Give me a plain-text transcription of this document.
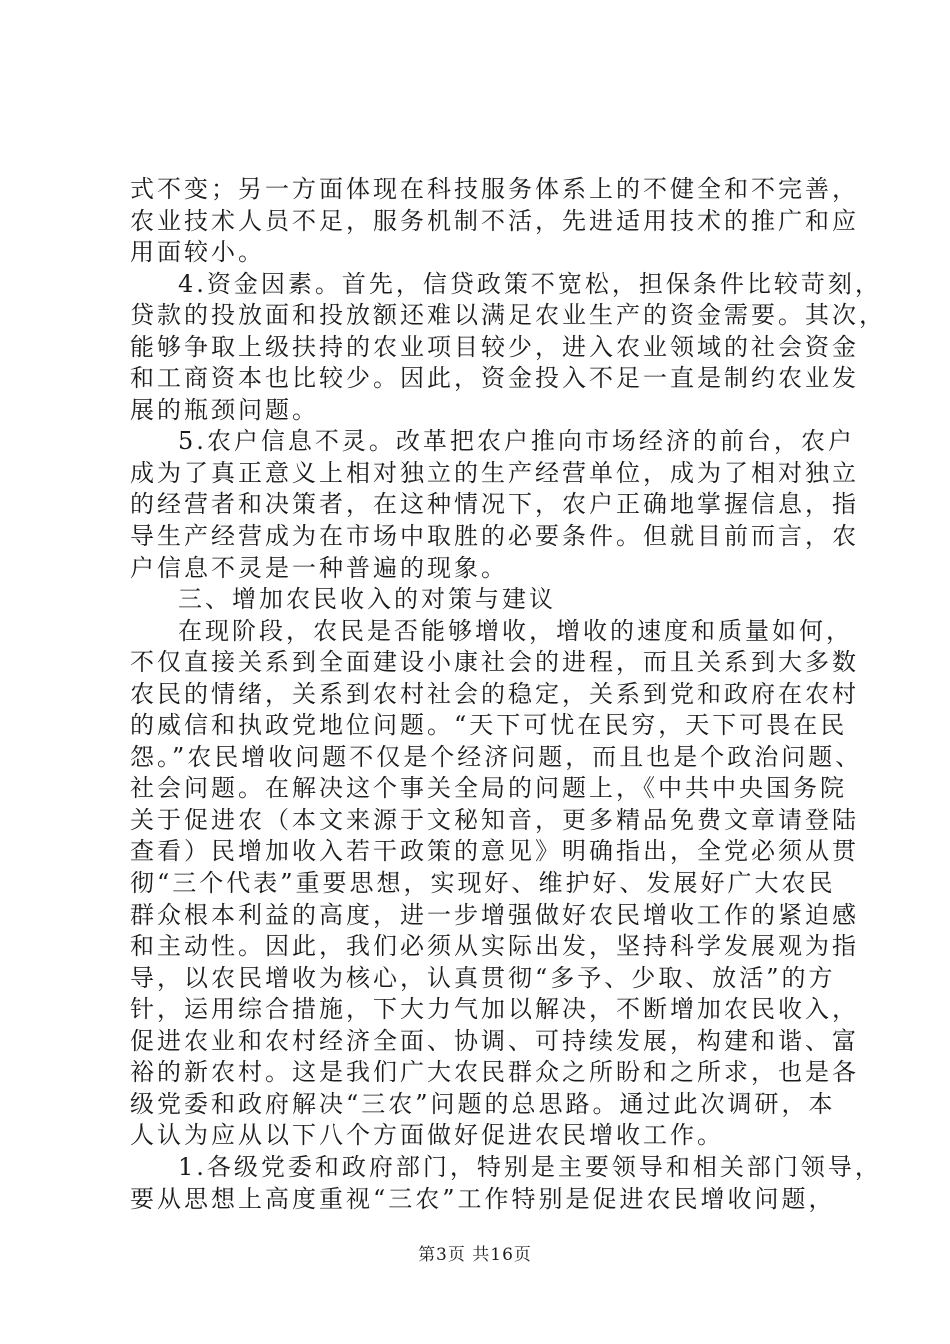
式不变；另一方面体现在科技服务体系上的不健全和不完善，
农业技术人员不足，服务机制不活，先进适用技术的推广和应
用面较小。
4.资金因素。首先，信贷政策不宽松，担保条件比较苛刻，
贷款的投放面和投放额还难以满足农业生产的资金需要。其次，
能够争取上级扶持的农业项目较少，进入农业领域的社会资金
和工商资本也比较少。因此，资金投入不足一直是制约农业发
展的瓶颈问题。
5.农户信息不灵。改革把农户推向市场经济的前台，农户
成为了真正意义上相对独立的生产经营单位，成为了相对独立
的经营者和决策者，在这种情况下，农户正确地掌握信息，指
导生产经营成为在市场中取胜的必要条件。但就目前而言，农
户信息不灵是一种普遍的现象。
三、增加农民收入的对策与建议
在现阶段，农民是否能够增收，增收的速度和质量如何，
不仅直接关系到全面建设小康社会的进程，而且关系到大多数
农民的情绪，关系到农村社会的稳定，关系到党和政府在农村
的威信和执政党地位问题。“天下可忧在民穷，天下可畏在民
怨。”农民增收问题不仅是个经济问题，而且也是个政治问题、
社会问题。在解决这个事关全局的问题上，《中共中央国务院
关于促进农（本文来源于文秘知音，更多精品免费文章请登陆
查看）民增加收入若干政策的意见》明确指出，全党必须从贯
彻“三个代表”重要思想，实现好、维护好、发展好广大农民
群众根本利益的高度，进一步增强做好农民增收工作的紧迫感
和主动性。因此，我们必须从实际出发，坚持科学发展观为指
导，以农民增收为核心，认真贯彻“多予、少取、放活”的方
针，运用综合措施，下大力气加以解决，不断增加农民收入，
促进农业和农村经济全面、协调、可持续发展，构建和谐、富
裕的新农村。这是我们广大农民群众之所盼和之所求，也是各
级党委和政府解决“三农”问题的总思路。通过此次调研，本
人认为应从以下八个方面做好促进农民增收工作。
1.各级党委和政府部门，特别是主要领导和相关部门领导，
要从思想上高度重视“三农”工作特别是促进农民增收问题，
第3页 共16页
